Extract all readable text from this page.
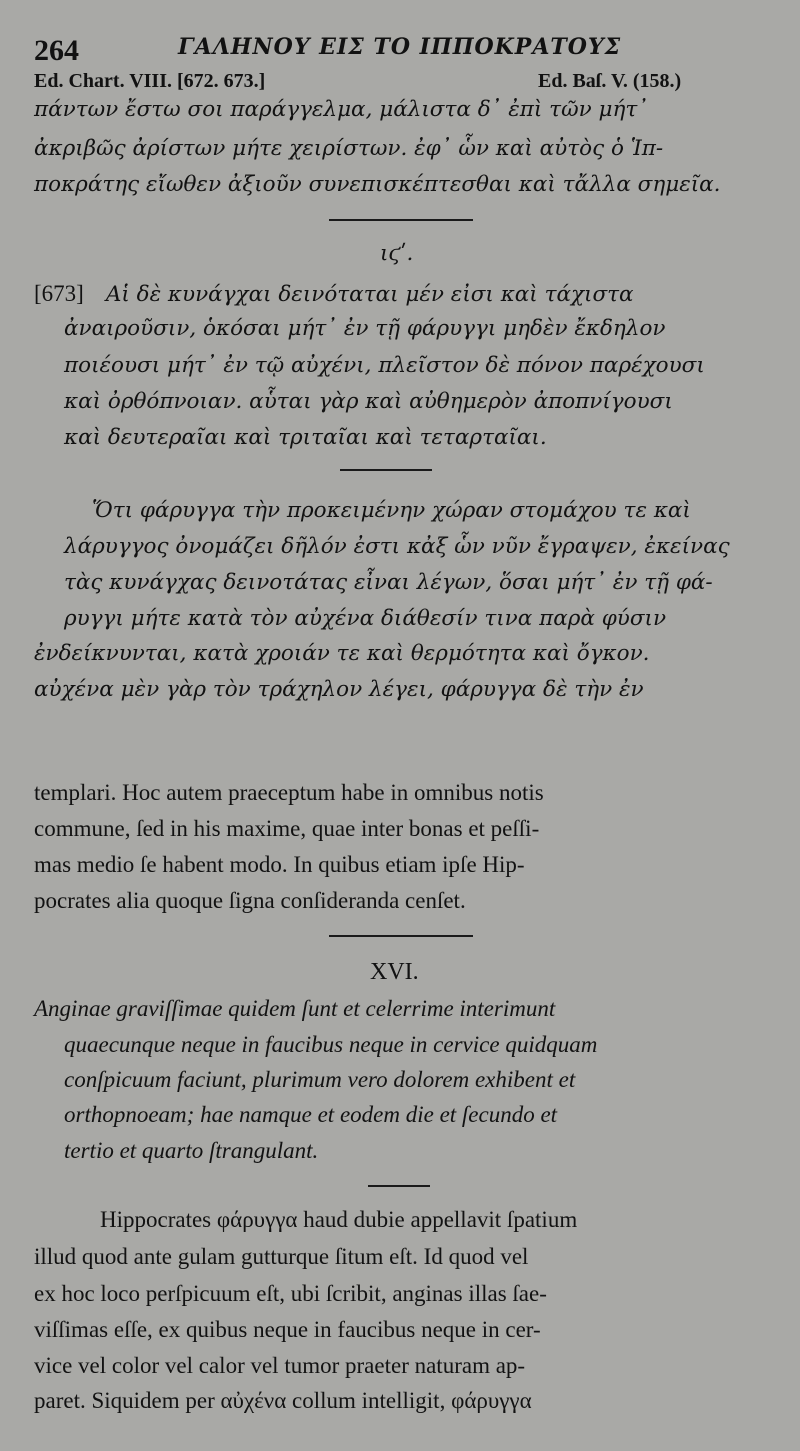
264	ΓΑΛΗΝΟΥ ΕΙΣ ΤΟ ΙΠΠΟΚΡΑΤΟΥΣ
Ed. Chart. VIII. [672. 673.]	Ed. Baſ. V. (158.)
πάντων ἔστω σοι παράγγελμα, μάλιστα δ᾽ ἐπὶ τῶν μήτ᾽
ἀκριβῶς ἀρίστων μήτε χειρίστων. ἐφ᾽ ὧν καὶ αὐτὸς ὁ Ἱπ-
ποκράτης εἴωθεν ἀξιοῦν συνεπισκέπτεσθαι καὶ τἄλλα σημεῖα.
ιϛʹ.
[673] Αἱ δὲ κυνάγχαι δεινόταται μέν εἰσι καὶ τάχιστα
ἀναιροῦσιν, ὁκόσαι μήτ᾽ ἐν τῇ φάρυγγι μηδὲν ἔκδηλον
ποιέουσι μήτ᾽ ἐν τῷ αὐχένι, πλεῖστον δὲ πόνον παρέχουσι
καὶ ὀρθόπνοιαν. αὗται γὰρ καὶ αὐθημερὸν ἀποπνίγουσι
καὶ δευτεραῖαι καὶ τριταῖαι καὶ τεταρταῖαι.
Ὅτι φάρυγγα τὴν προκειμένην χώραν στομάχου τε καὶ
λάρυγγος ὀνομάζει δῆλόν ἐστι κἀξ ὧν νῦν ἔγραψεν, ἐκείνας
τὰς κυνάγχας δεινοτάτας εἶναι λέγων, ὅσαι μήτ᾽ ἐν τῇ φά-
ρυγγι μήτε κατὰ τὸν αὐχένα διάθεσίν τινα παρὰ φύσιν
ἐνδείκνυνται, κατὰ χροιάν τε καὶ θερμότητα καὶ ὄγκον.
αὐχένα μὲν γὰρ τὸν τράχηλον λέγει, φάρυγγα δὲ τὴν ἐν
templari. Hoc autem praeceptum habe in omnibus notis
commune, ſed in his maxime, quae inter bonas et peſſi-
mas medio ſe habent modo. In quibus etiam ipſe Hip-
pocrates alia quoque ſigna conſideranda cenſet.
XVI.
Anginae graviſſimae quidem ſunt et celerrime interimunt
quaecunque neque in faucibus neque in cervice quidquam
conſpicuum faciunt, plurimum vero dolorem exhibent et
orthopnoeam; hae namque et eodem die et ſecundo et
tertio et quarto ſtrangulant.
Hippocrates φάρυγγα haud dubie appellavit ſpatium
illud quod ante gulam gutturque ſitum eſt. Id quod vel
ex hoc loco perſpicuum eſt, ubi ſcribit, anginas illas ſae-
viſſimas eſſe, ex quibus neque in faucibus neque in cer-
vice vel color vel calor vel tumor praeter naturam ap-
paret. Siquidem per αὐχένα collum intelligit, φάρυγγα
